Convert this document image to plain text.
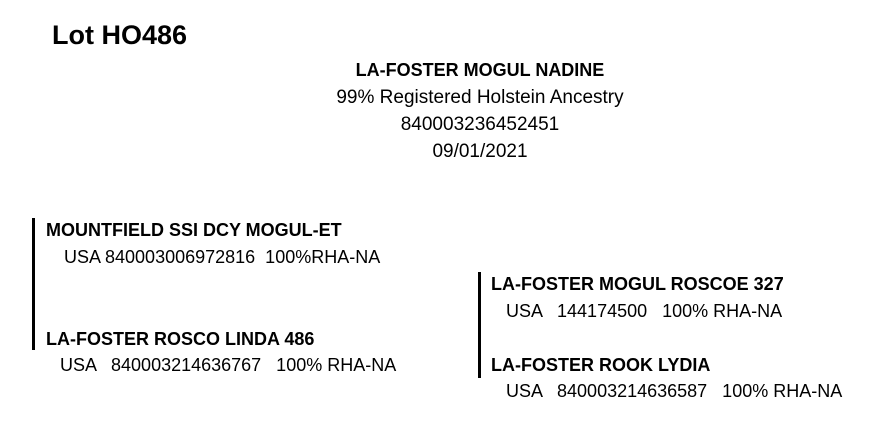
Lot HO486
LA-FOSTER MOGUL NADINE
99% Registered Holstein Ancestry
840003236452451
09/01/2021
MOUNTFIELD SSI DCY MOGUL-ET
USA 840003006972816  100%RHA-NA
LA-FOSTER ROSCO LINDA 486
USA   840003214636767   100% RHA-NA
LA-FOSTER MOGUL ROSCOE 327
USA   144174500   100% RHA-NA
LA-FOSTER ROOK LYDIA
USA   840003214636587   100% RHA-NA
